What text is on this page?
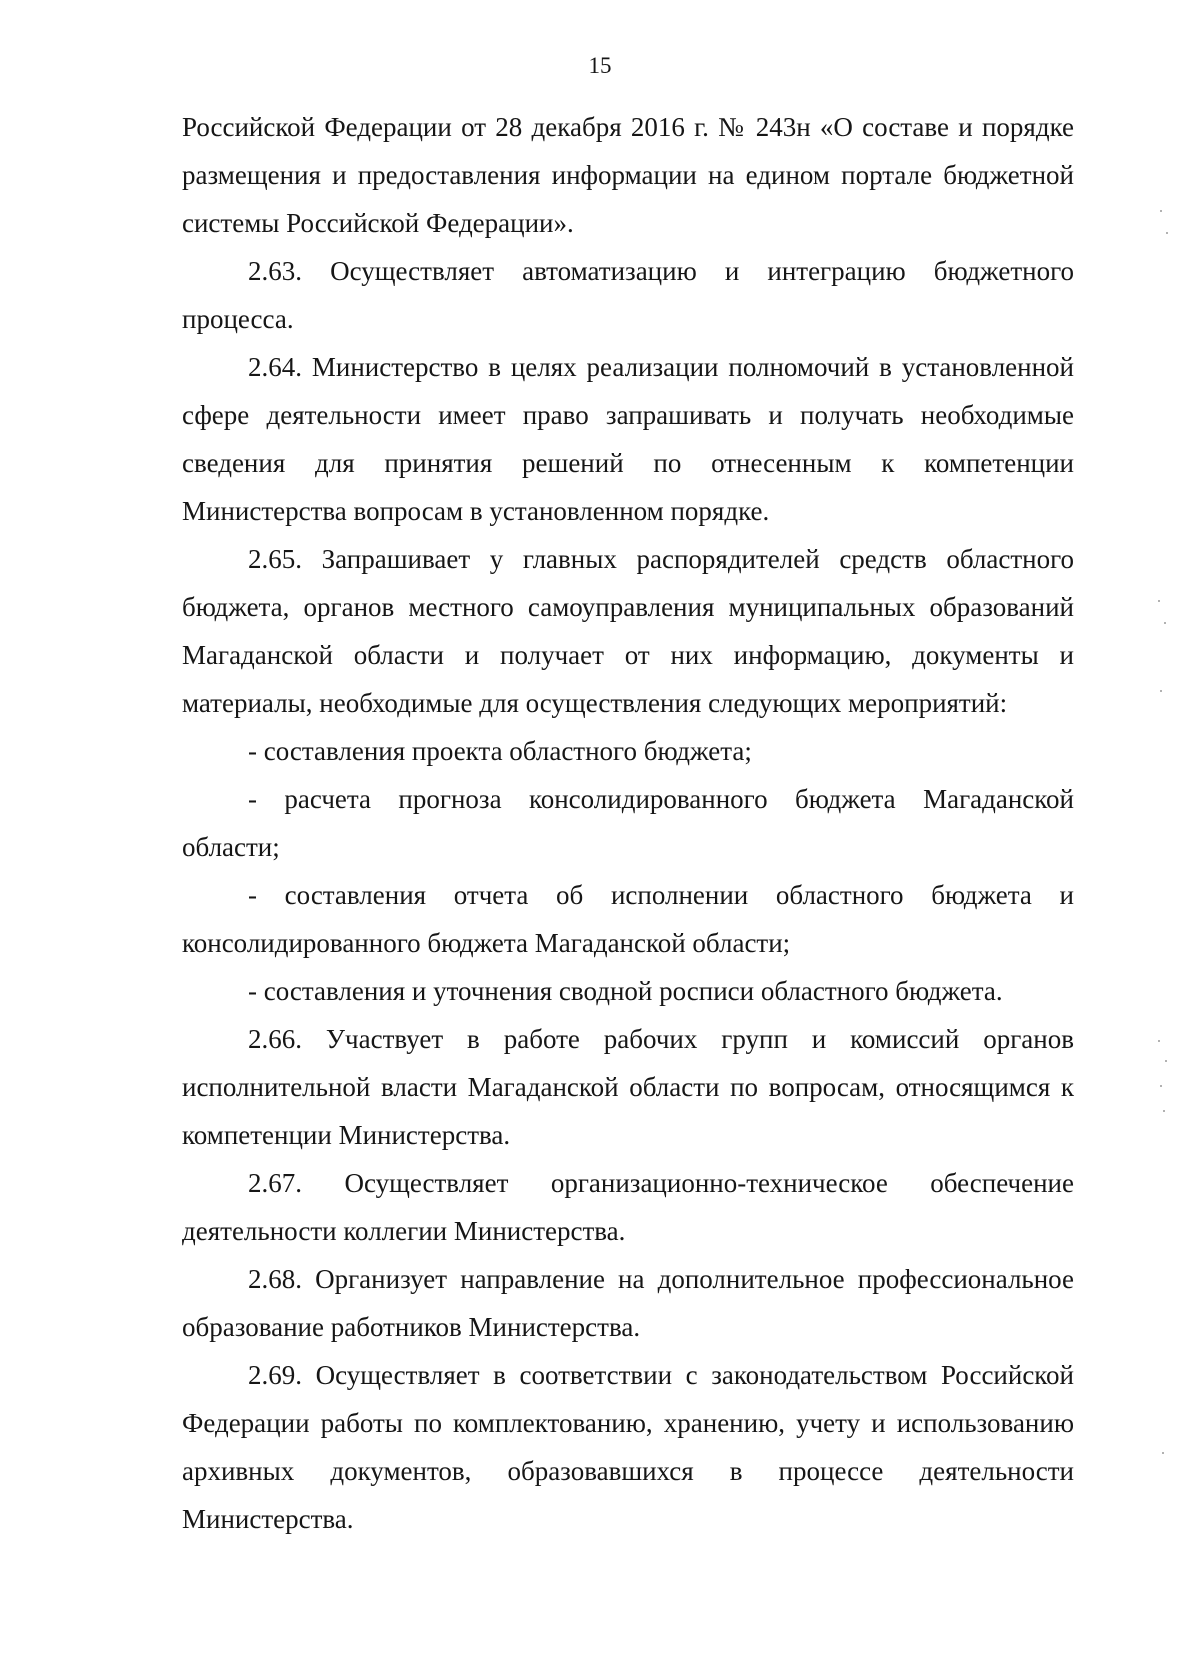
15

Российской Федерации от 28 декабря 2016 г. № 243н «О составе и порядке размещения и предоставления информации на едином портале бюджетной системы Российской Федерации».

2.63. Осуществляет автоматизацию и интеграцию бюджетного процесса.

2.64. Министерство в целях реализации полномочий в установленной сфере деятельности имеет право запрашивать и получать необходимые сведения для принятия решений по отнесенным к компетенции Министерства вопросам в установленном порядке.

2.65. Запрашивает у главных распорядителей средств областного бюджета, органов местного самоуправления муниципальных образований Магаданской области и получает от них информацию, документы и материалы, необходимые для осуществления следующих мероприятий:

- составления проекта областного бюджета;

- расчета прогноза консолидированного бюджета Магаданской области;

- составления отчета об исполнении областного бюджета и консолидированного бюджета Магаданской области;

- составления и уточнения сводной росписи областного бюджета.

2.66. Участвует в работе рабочих групп и комиссий органов исполнительной власти Магаданской области по вопросам, относящимся к компетенции Министерства.

2.67. Осуществляет организационно-техническое обеспечение деятельности коллегии Министерства.

2.68. Организует направление на дополнительное профессиональное образование работников Министерства.

2.69. Осуществляет в соответствии с законодательством Российской Федерации работы по комплектованию, хранению, учету и использованию архивных документов, образовавшихся в процессе деятельности Министерства.
